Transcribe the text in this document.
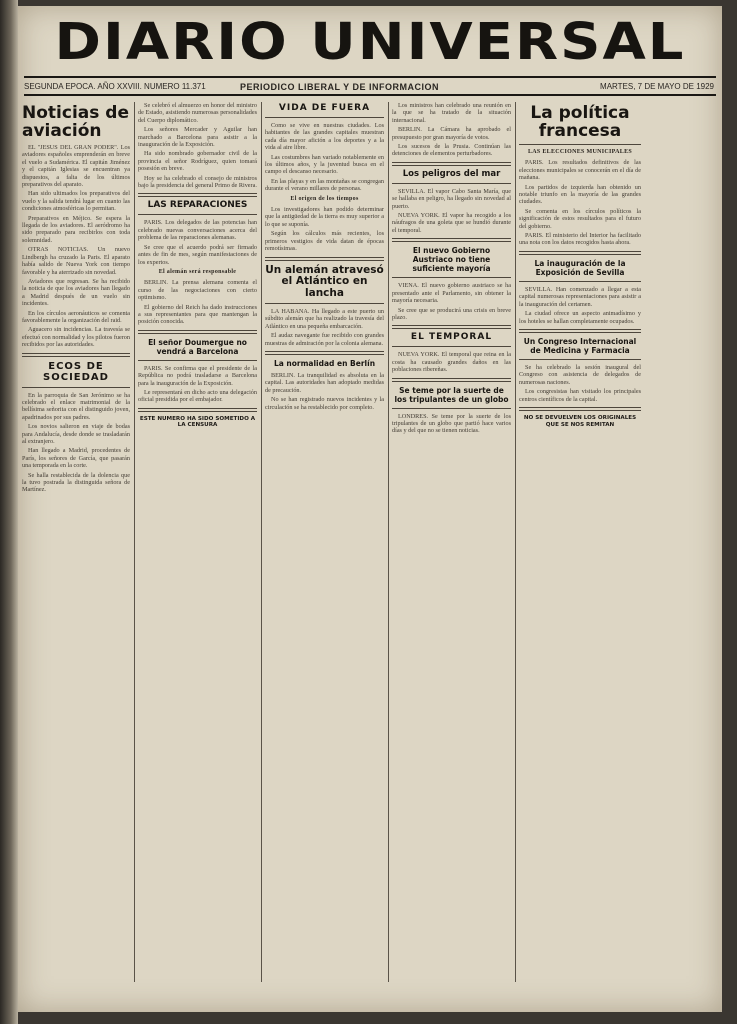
DIARIO UNIVERSAL
SEGUNDA EPOCA. AÑO XXVIII. NUMERO 11.371	PERIODICO LIBERAL Y DE INFORMACION	MARTES, 7 DE MAYO DE 1929
Noticias de aviación

EL "JESUS DEL GRAN PODER". Los aviadores españoles emprenderán en breve el vuelo a Sudamérica. El capitán Jiménez y el capitán Iglesias se encuentran ya dispuestos, a falta de los últimos preparativos del aparato.

Han sido ultimados los preparativos del vuelo y la salida tendrá lugar en cuanto las condiciones atmosféricas lo permitan.

Preparativos en Méjico. Se espera la llegada de los aviadores. El aeródromo ha sido preparado para recibirlos con toda solemnidad.

OTRAS NOTICIAS. Un nuevo Lindbergh ha cruzado la Paris. El aparato había salido de Nueva York con tiempo favorable y ha aterrizado sin novedad.

Aviadores que regresan. Se ha recibido la noticia de que los aviadores han llegado a Madrid después de un vuelo sin incidentes.

En los círculos aeronáuticos se comenta favorablemente la organización del raid.

Aguacero sin incidencias. La travesía se efectuó con normalidad y los pilotos fueron recibidos por las autoridades.

ECOS DE SOCIEDAD

En la parroquia de San Jerónimo se ha celebrado el enlace matrimonial de la bellísima señorita con el distinguido joven, apadrinados por sus padres.

Los novios salieron en viaje de bodas para Andalucía, desde donde se trasladarán al extranjero.

Han llegado a Madrid, procedentes de París, los señores de García, que pasarán una temporada en la corte.

Se halla restablecida de la dolencia que la tuvo postrada la distinguida señora de Martínez.

Se celebró el almuerzo en honor del ministro de Estado, asistiendo numerosas personalidades del Cuerpo diplomático.

Los señores Mercader y Aguilar han marchado a Barcelona para asistir a la inauguración de la Exposición.

Ha sido nombrado gobernador civil de la provincia el señor Rodríguez, quien tomará posesión en breve.

Hoy se ha celebrado el consejo de ministros bajo la presidencia del general Primo de Rivera.

LAS REPARACIONES

PARIS. Los delegados de las potencias han celebrado nuevas conversaciones acerca del problema de las reparaciones alemanas.

Se cree que el acuerdo podrá ser firmado antes de fin de mes, según manifestaciones de los expertos.

El alemán será responsable

BERLIN. La prensa alemana comenta el curso de las negociaciones con cierto optimismo.

El gobierno del Reich ha dado instrucciones a sus representantes para que mantengan la posición conocida.

El señor Doumergue no vendrá a Barcelona

PARIS. Se confirma que el presidente de la República no podrá trasladarse a Barcelona para la inauguración de la Exposición.

Le representará en dicho acto una delegación oficial presidida por el embajador.

ESTE NUMERO HA SIDO SOMETIDO A LA CENSURA
VIDA DE FUERA

Como se vive en nuestras ciudades. Los habitantes de las grandes capitales muestran cada día mayor afición a los deportes y a la vida al aire libre.

Las costumbres han variado notablemente en los últimos años, y la juventud busca en el campo el descanso necesario.

En las playas y en las montañas se congregan durante el verano millares de personas.

El origen de los tiempos

Los investigadores han podido determinar que la antigüedad de la tierra es muy superior a lo que se suponía.

Según los cálculos más recientes, los primeros vestigios de vida datan de épocas remotísimas.

Un alemán atravesó el Atlántico en lancha

LA HABANA. Ha llegado a este puerto un súbdito alemán que ha realizado la travesía del Atlántico en una pequeña embarcación.

El audaz navegante fue recibido con grandes muestras de admiración por la colonia alemana.

La normalidad en Berlín

BERLIN. La tranquilidad es absoluta en la capital. Las autoridades han adoptado medidas de precaución.

No se han registrado nuevos incidentes y la circulación se ha restablecido por completo.

Los ministros han celebrado una reunión en la que se ha tratado de la situación internacional.

BERLIN. La Cámara ha aprobado el presupuesto por gran mayoría de votos.

Los sucesos de la Prusia. Continúan las detenciones de elementos perturbadores.

Los peligros del mar

SEVILLA. El vapor Cabo Santa María, que se hallaba en peligro, ha llegado sin novedad al puerto.

NUEVA YORK. El vapor ha recogido a los náufragos de una goleta que se hundió durante el temporal.

El nuevo Gobierno Austriaco no tiene suficiente mayoría

VIENA. El nuevo gobierno austriaco se ha presentado ante el Parlamento, sin obtener la mayoría necesaria.

Se cree que se producirá una crisis en breve plazo.

EL TEMPORAL

NUEVA YORK. El temporal que reina en la costa ha causado grandes daños en las poblaciones ribereñas.

Se teme por la suerte de los tripulantes de un globo

LONDRES. Se teme por la suerte de los tripulantes de un globo que partió hace varios días y del que no se tienen noticias.

La política francesa
LAS ELECCIONES MUNICIPALES

PARIS. Los resultados definitivos de las elecciones municipales se conocerán en el día de mañana.

Los partidos de izquierda han obtenido un notable triunfo en la mayoría de las grandes ciudades.

Se comenta en los círculos políticos la significación de estos resultados para el futuro del gobierno.

PARIS. El ministerio del Interior ha facilitado una nota con los datos recogidos hasta ahora.

La inauguración de la Exposición de Sevilla

SEVILLA. Han comenzado a llegar a esta capital numerosas representaciones para asistir a la inauguración del certamen.

La ciudad ofrece un aspecto animadísimo y los hoteles se hallan completamente ocupados.

Un Congreso Internacional de Medicina y Farmacia

Se ha celebrado la sesión inaugural del Congreso con asistencia de delegados de numerosas naciones.

Los congresistas han visitado los principales centros científicos de la capital.

NO SE DEVUELVEN LOS ORIGINALES QUE SE NOS REMITAN
